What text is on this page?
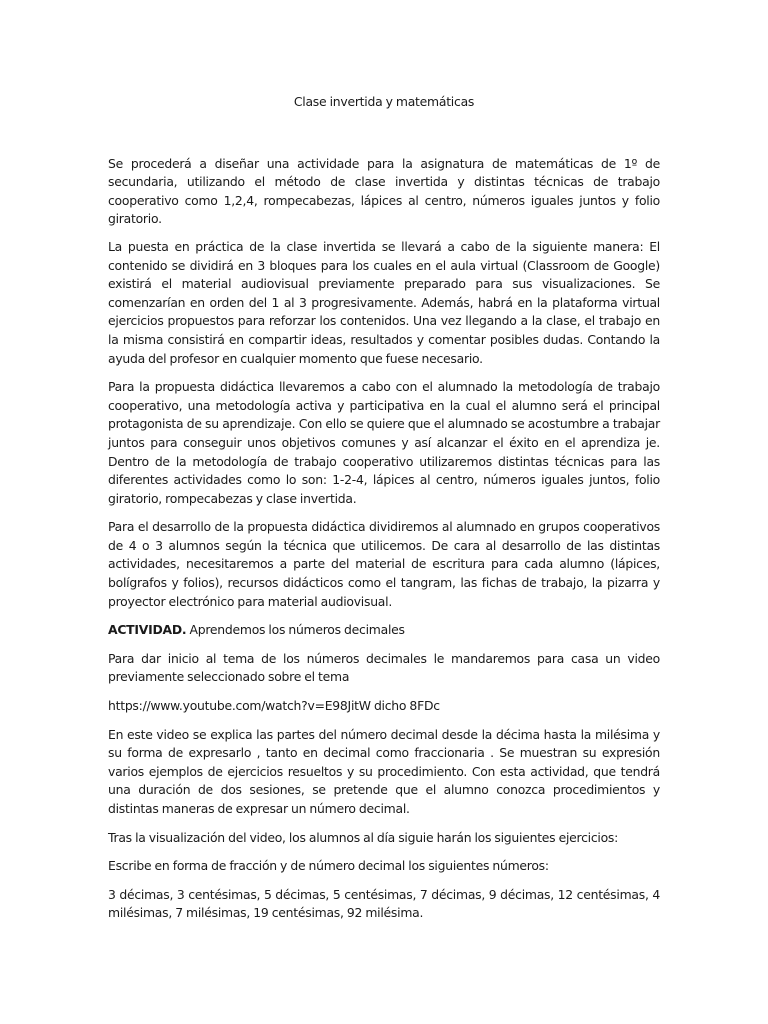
Clase invertida y matemáticas

Se procederá a diseñar una actividade para la asignatura de matemáticas de 1º de secundaria, utilizando el método de clase invertida y distintas técnicas de trabajo cooperativo como 1,2,4, rompecabezas, lápices al centro, números iguales juntos y folio giratorio.

La puesta en práctica de la clase invertida se llevará a cabo de la siguiente manera: El contenido se dividirá en 3 bloques para los cuales en el aula virtual (Classroom de Google) existirá el material audiovisual previamente preparado para sus visualizaciones. Se comenzarían en orden del 1 al 3 progresivamente. Además, habrá en la plataforma virtual ejercicios propuestos para reforzar los contenidos. Una vez llegando a la clase, el trabajo en la misma consistirá en compartir ideas, resultados y comentar posibles dudas. Contando la ayuda del profesor en cualquier momento que fuese necesario.

Para la propuesta didáctica llevaremos a cabo con el alumnado la metodología de trabajo cooperativo, una metodología activa y participativa en la cual el alumno será el principal protagonista de su aprendizaje. Con ello se quiere que el alumnado se acostumbre a trabajar juntos para conseguir unos objetivos comunes y así alcanzar el éxito en el aprendiza je. Dentro de la metodología de trabajo cooperativo utilizaremos distintas técnicas para las diferentes actividades como lo son: 1-2-4, lápices al centro, números iguales juntos, folio giratorio, rompecabezas y clase invertida.

Para el desarrollo de la propuesta didáctica dividiremos al alumnado en grupos cooperativos de 4 o 3 alumnos según la técnica que utilicemos. De cara al desarrollo de las distintas actividades, necesitaremos a parte del material de escritura para cada alumno (lápices, bolígrafos y folios), recursos didácticos como el tangram, las fichas de trabajo, la pizarra y proyector electrónico para material audiovisual.

ACTIVIDAD. Aprendemos los números decimales

Para dar inicio al tema de los números decimales le mandaremos para casa un video previamente seleccionado sobre el tema

https://www.youtube.com/watch?v=E98JitW dicho 8FDc

En este video se explica las partes del número decimal desde la décima hasta la milésima y su forma de expresarlo , tanto en decimal como fraccionaria . Se muestran su expresión varios ejemplos de ejercicios resueltos y su procedimiento. Con esta actividad, que tendrá una duración de dos sesiones, se pretende que el alumno conozca procedimientos y distintas maneras de expresar un número decimal.

Tras la visualización del video, los alumnos al día siguie harán los siguientes ejercicios:

Escribe en forma de fracción y de número decimal los siguientes números:

3 décimas, 3 centésimas, 5 décimas, 5 centésimas, 7 décimas, 9 décimas, 12 centésimas, 4 milésimas, 7 milésimas, 19 centésimas, 92 milésima.
